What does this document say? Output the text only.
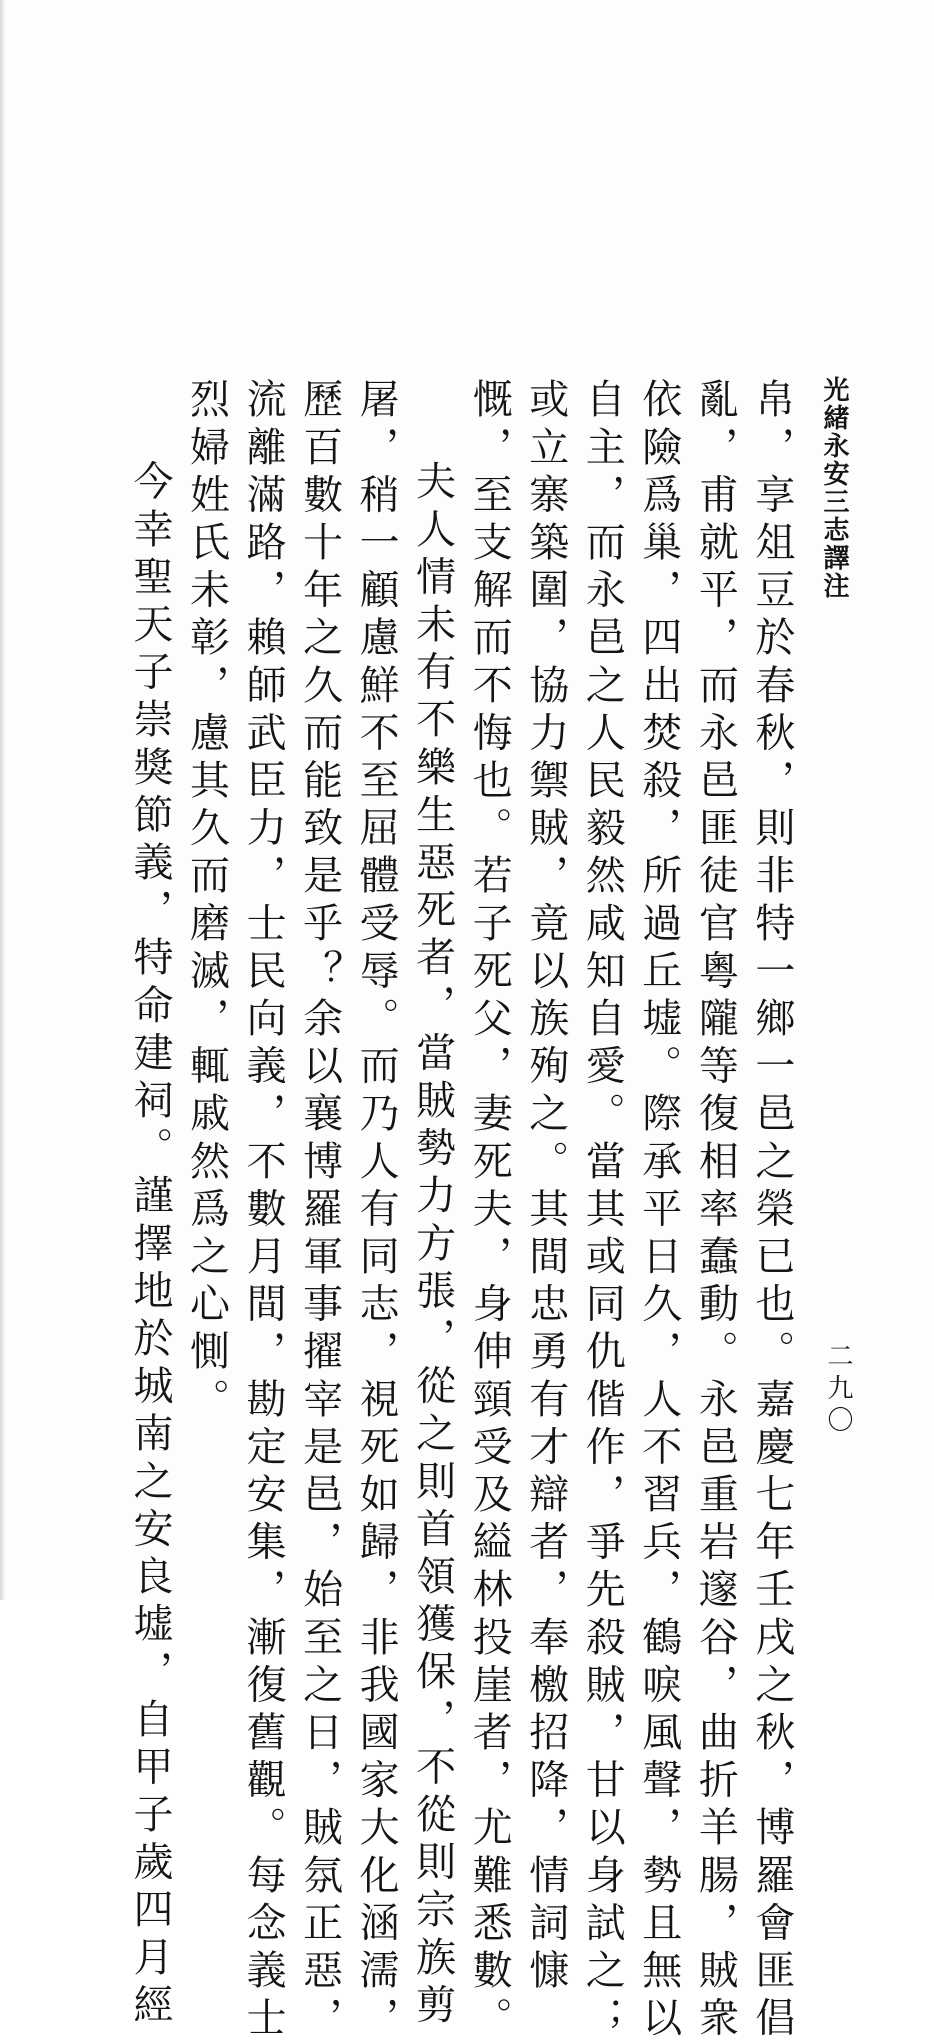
光緒永安三志譯注
二九〇
帛，享俎豆於春秋，則非特一鄉一邑之榮已也。嘉慶七年壬戌之秋，博羅會匪倡
亂，甫就平，而永邑匪徒官粵隴等復相率蠢動。永邑重岩邃谷，曲折羊腸，賊衆
依險爲巢，四出焚殺，所過丘墟。際承平日久，人不習兵，鶴唳風聲，勢且無以
自主，而永邑之人民毅然咸知自愛。當其或同仇偕作，爭先殺賊，甘以身試之；
或立寨築圍，協力禦賊，竟以族殉之。其間忠勇有才辯者，奉檄招降，情詞慷
慨，至支解而不悔也。若子死父，妻死夫，身伸頸受及縊林投崖者，尤難悉數。
夫人情未有不樂生惡死者，當賊勢力方張，從之則首領獲保，不從則宗族剪
屠，稍一顧慮鮮不至屈體受辱。而乃人有同志，視死如歸，非我國家大化涵濡，
歷百數十年之久而能致是乎？余以襄博羅軍事擢宰是邑，始至之日，賊氛正惡，
流離滿路，賴師武臣力，士民向義，不數月間，勘定安集，漸復舊觀。每念義士
烈婦姓氏未彰，慮其久而磨滅，輒戚然爲之心惻。
今幸聖天子崇獎節義，特命建祠。謹擇地於城南之安良墟，自甲子歲四月經
